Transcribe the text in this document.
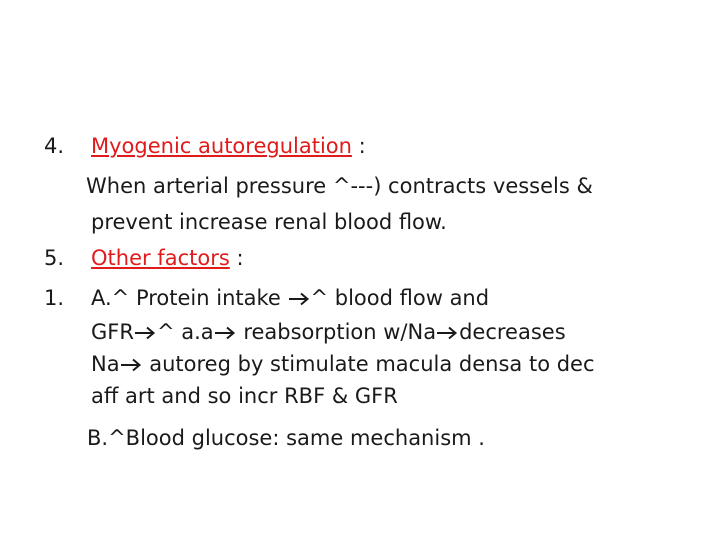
4. Myogenic autoregulation :
When arterial pressure ^---) contracts vessels &
prevent increase renal blood flow.
5. Other factors :
1. A.^ Protein intake
^ blood flow and
GFR ^ a.a
reabsorption w/Na decreases
Na
autoreg by stimulate macula densa to dec
aff art and so incr RBF & GFR
B.^Blood glucose: same mechanism .
